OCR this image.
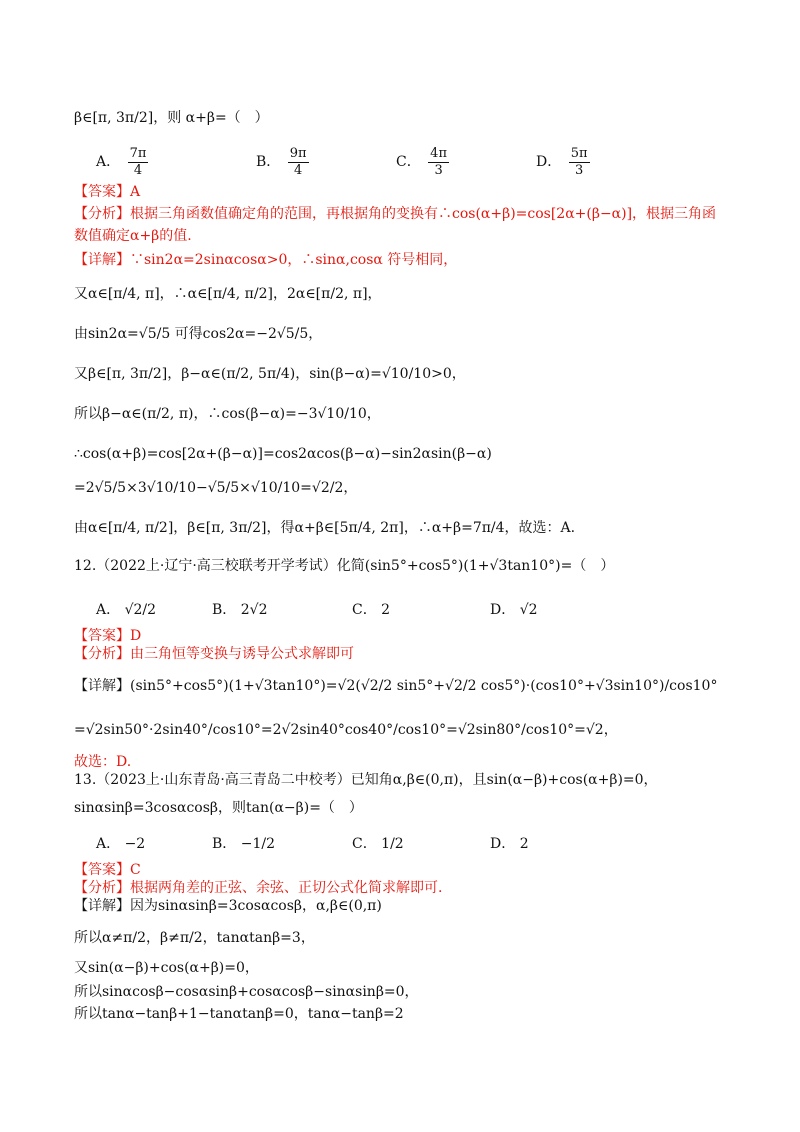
β∈[π, 3π/2]，则 α+β=（　）
A． $\frac{7\pi}{4}$	B． $\frac{9\pi}{4}$	C． $\frac{4\pi}{3}$	D． $\frac{5\pi}{3}$
【答案】A
【分析】根据三角函数值确定角的范围，再根据角的变换有∴cos(α+β)=cos[2α+(β−α)]，根据三角函
数值确定α+β的值.
【详解】∵sin2α=2sinαcosα>0，∴sinα,cosα 符号相同，
又α∈[π/4, π]，∴α∈[π/4, π/2]，2α∈[π/2, π]，
由sin2α=√5/5 可得cos2α=−2√5/5，
又β∈[π, 3π/2]，β−α∈(π/2, 5π/4)，sin(β−α)=√10/10>0，
所以β−α∈(π/2, π)，∴cos(β−α)=−3√10/10，
∴cos(α+β)=cos[2α+(β−α)]=cos2αcos(β−α)−sin2αsin(β−α)
=2√5/5×3√10/10−√5/5×√10/10=√2/2，
由α∈[π/4, π/2]，β∈[π, 3π/2]，得α+β∈[5π/4, 2π]，∴α+β=7π/4，故选：A.
12.（2022上·辽宁·高三校联考开学考试）化简(sin5°+cos5°)(1+√3tan10°)=（　）
A． √2/2	B． 2√2	C． 2	D． √2
【答案】D
【分析】由三角恒等变换与诱导公式求解即可
【详解】(sin5°+cos5°)(1+√3tan10°)=√2(√2/2 sin5°+√2/2 cos5°)·(cos10°+√3sin10°)/cos10°
=√2sin50°·2sin40°/cos10°=2√2sin40°cos40°/cos10°=√2sin80°/cos10°=√2，
故选：D.
13.（2023上·山东青岛·高三青岛二中校考）已知角α,β∈(0,π)，且sin(α−β)+cos(α+β)=0，
sinαsinβ=3cosαcosβ，则tan(α−β)=（　）
A． −2	B． −1/2	C． 1/2	D． 2
【答案】C
【分析】根据两角差的正弦、余弦、正切公式化简求解即可.
【详解】因为sinαsinβ=3cosαcosβ，α,β∈(0,π)
所以α≠π/2，β≠π/2，tanαtanβ=3，
又sin(α−β)+cos(α+β)=0，
所以sinαcosβ−cosαsinβ+cosαcosβ−sinαsinβ=0，
所以tanα−tanβ+1−tanαtanβ=0，tanα−tanβ=2
